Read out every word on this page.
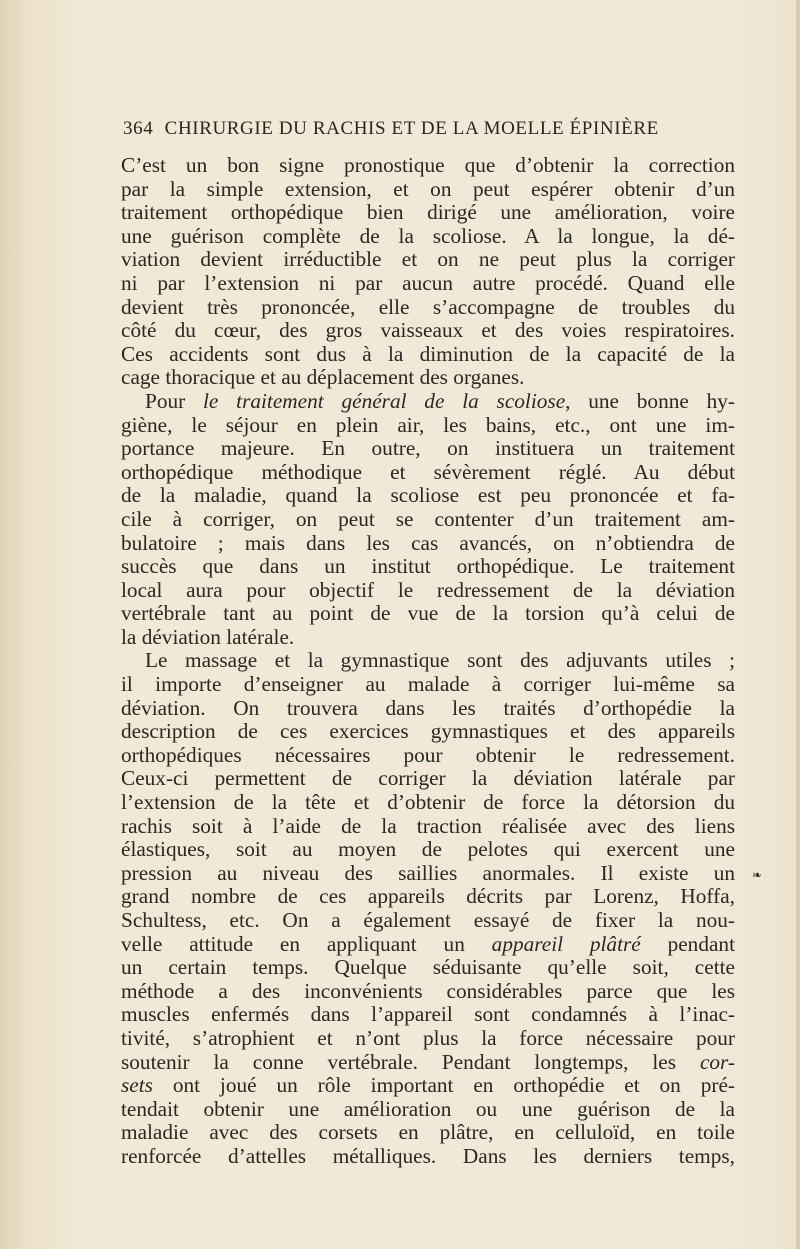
364 CHIRURGIE DU RACHIS ET DE LA MOELLE ÉPINIÈRE
C’est un bon signe pronostique que d’obtenir la correction
par la simple extension, et on peut espérer obtenir d’un
traitement orthopédique bien dirigé une amélioration, voire
une guérison complète de la scoliose. A la longue, la dé-
viation devient irréductible et on ne peut plus la corriger
ni par l’extension ni par aucun autre procédé. Quand elle
devient très prononcée, elle s’accompagne de troubles du
côté du cœur, des gros vaisseaux et des voies respiratoires.
Ces accidents sont dus à la diminution de la capacité de la
cage thoracique et au déplacement des organes.
Pour le traitement général de la scoliose, une bonne hy-
giène, le séjour en plein air, les bains, etc., ont une im-
portance majeure. En outre, on instituera un traitement
orthopédique méthodique et sévèrement réglé. Au début
de la maladie, quand la scoliose est peu prononcée et fa-
cile à corriger, on peut se contenter d’un traitement am-
bulatoire ; mais dans les cas avancés, on n’obtiendra de
succès que dans un institut orthopédique. Le traitement
local aura pour objectif le redressement de la déviation
vertébrale tant au point de vue de la torsion qu’à celui de
la déviation latérale.
Le massage et la gymnastique sont des adjuvants utiles ;
il importe d’enseigner au malade à corriger lui-même sa
déviation. On trouvera dans les traités d’orthopédie la
description de ces exercices gymnastiques et des appareils
orthopédiques nécessaires pour obtenir le redressement.
Ceux-ci permettent de corriger la déviation latérale par
l’extension de la tête et d’obtenir de force la détorsion du
rachis soit à l’aide de la traction réalisée avec des liens
élastiques, soit au moyen de pelotes qui exercent une
pression au niveau des saillies anormales. Il existe un
grand nombre de ces appareils décrits par Lorenz, Hoffa,
Schultess, etc. On a également essayé de fixer la nou-
velle attitude en appliquant un appareil plâtré pendant
un certain temps. Quelque séduisante qu’elle soit, cette
méthode a des inconvénients considérables parce que les
muscles enfermés dans l’appareil sont condamnés à l’inac-
tivité, s’atrophient et n’ont plus la force nécessaire pour
soutenir la conne vertébrale. Pendant longtemps, les cor-
sets ont joué un rôle important en orthopédie et on pré-
tendait obtenir une amélioration ou une guérison de la
maladie avec des corsets en plâtre, en celluloïd, en toile
renforcée d’attelles métalliques. Dans les derniers temps,
❧
